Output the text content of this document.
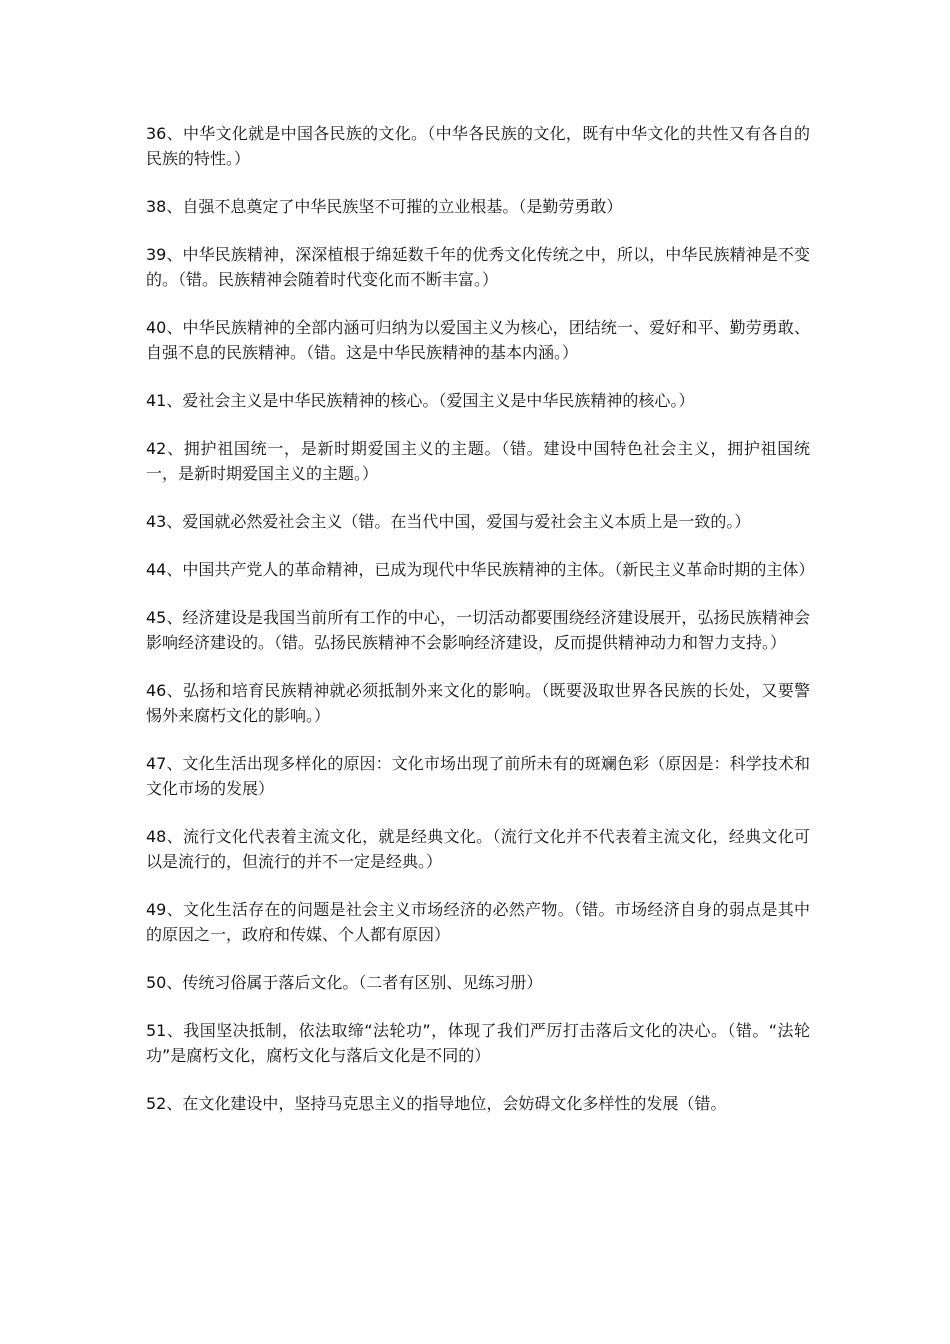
36、中华文化就是中国各民族的文化。（中华各民族的文化，既有中华文化的共性又有各自的民族的特性。）

38、自强不息奠定了中华民族坚不可摧的立业根基。（是勤劳勇敢）

39、中华民族精神，深深植根于绵延数千年的优秀文化传统之中，所以，中华民族精神是不变的。（错。民族精神会随着时代变化而不断丰富。）

40、中华民族精神的全部内涵可归纳为以爱国主义为核心，团结统一、爱好和平、勤劳勇敢、自强不息的民族精神。（错。这是中华民族精神的基本内涵。）

41、爱社会主义是中华民族精神的核心。（爱国主义是中华民族精神的核心。）

42、拥护祖国统一，是新时期爱国主义的主题。（错。建设中国特色社会主义，拥护祖国统一，是新时期爱国主义的主题。）

43、爱国就必然爱社会主义（错。在当代中国，爱国与爱社会主义本质上是一致的。）

44、中国共产党人的革命精神，已成为现代中华民族精神的主体。（新民主义革命时期的主体）

45、经济建设是我国当前所有工作的中心，一切活动都要围绕经济建设展开，弘扬民族精神会影响经济建设的。（错。弘扬民族精神不会影响经济建设，反而提供精神动力和智力支持。）

46、弘扬和培育民族精神就必须抵制外来文化的影响。（既要汲取世界各民族的长处，又要警惕外来腐朽文化的影响。）

47、文化生活出现多样化的原因：文化市场出现了前所未有的斑斓色彩（原因是：科学技术和文化市场的发展）

48、流行文化代表着主流文化，就是经典文化。（流行文化并不代表着主流文化，经典文化可以是流行的，但流行的并不一定是经典。）

49、文化生活存在的问题是社会主义市场经济的必然产物。（错。市场经济自身的弱点是其中的原因之一，政府和传媒、个人都有原因）

50、传统习俗属于落后文化。（二者有区别、见练习册）

51、我国坚决抵制，依法取缔“法轮功”，体现了我们严厉打击落后文化的决心。（错。“法轮功”是腐朽文化，腐朽文化与落后文化是不同的）

52、在文化建设中，坚持马克思主义的指导地位，会妨碍文化多样性的发展（错。
